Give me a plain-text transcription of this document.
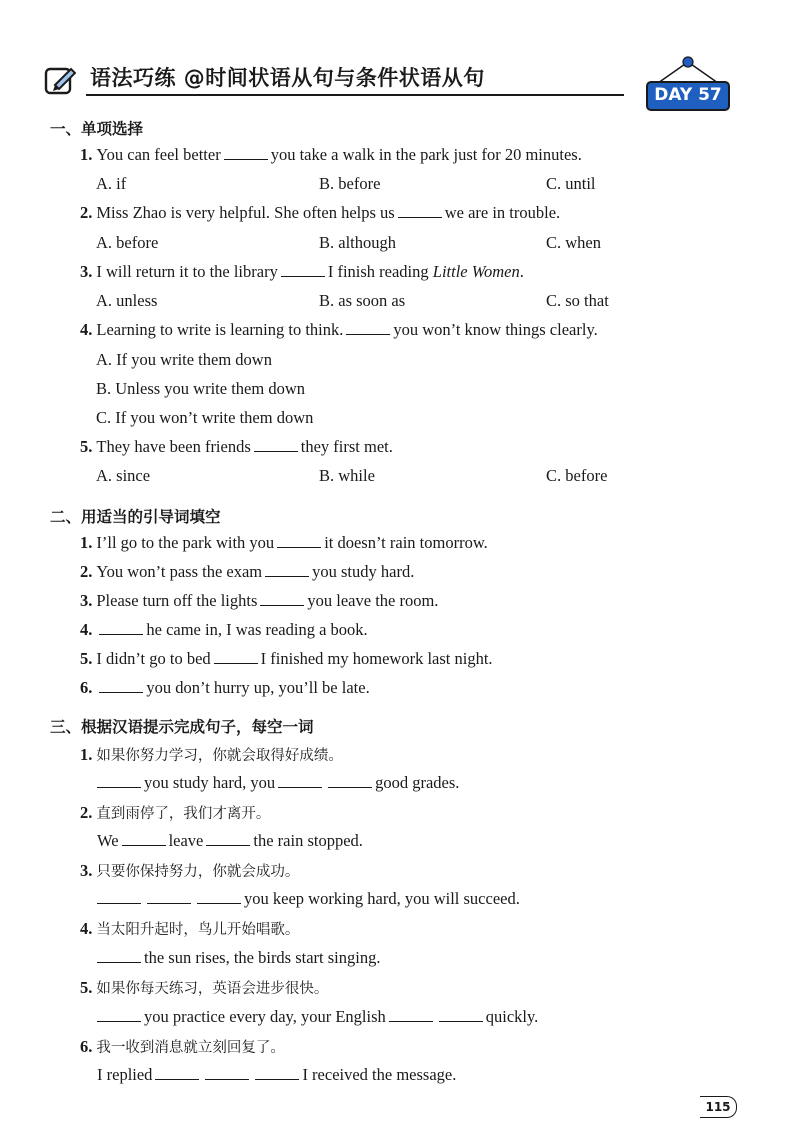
语法巧练 @时间状语从句与条件状语从句
DAY 57
一、单项选择
1. You can feel better	you take a walk in the park just for 20 minutes.
A. if	B. before	C. until
2. Miss Zhao is very helpful. She often helps us	we are in trouble.
A. before	B. although	C. when
3. I will return it to the library	I finish reading Little Women.
A. unless	B. as soon as	C. so that
4. Learning to write is learning to think.	you won’t know things clearly.
A. If you write them down
B. Unless you write them down
C. If you won’t write them down
5. They have been friends	they first met.
A. since	B. while	C. before
二、用适当的引导词填空
1. I’ll go to the park with you	it doesn’t rain tomorrow.
2. You won’t pass the exam	you study hard.
3. Please turn off the lights	you leave the room.
4.	he came in, I was reading a book.
5. I didn’t go to bed	I finished my homework last night.
6.	you don’t hurry up, you’ll be late.
三、根据汉语提示完成句子，每空一词
1. 如果你努力学习，你就会取得好成绩。
you study hard, you	good grades.
2. 直到雨停了，我们才离开。
We	leave	the rain stopped.
3. 只要你保持努力，你就会成功。
you keep working hard, you will succeed.
4. 当太阳升起时，鸟儿开始唱歌。
the sun rises, the birds start singing.
5. 如果你每天练习，英语会进步很快。
you practice every day, your English	quickly.
6. 我一收到消息就立刻回复了。
I replied	I received the message.
115
